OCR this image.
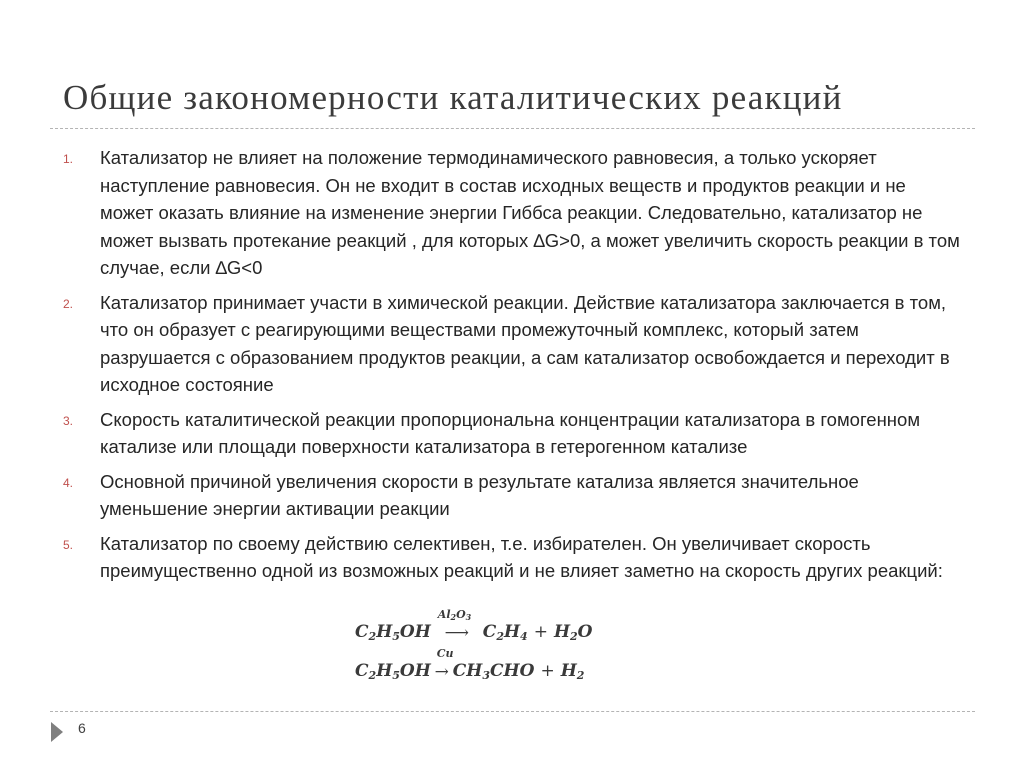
Общие закономерности каталитических реакций
1. Катализатор не влияет на положение термодинамического равновесия, а только ускоряет наступление равновесия. Он не входит в состав исходных веществ и продуктов реакции и не может оказать влияние на изменение энергии Гиббса реакции. Следовательно, катализатор не может вызвать протекание реакций , для которых ∆G>0, а может увеличить скорость реакции в том случае, если ∆G<0
2. Катализатор принимает участи в химической реакции. Действие катализатора заключается в том, что он образует с реагирующими веществами промежуточный комплекс, который затем разрушается с образованием продуктов реакции, а сам катализатор освобождается и переходит в исходное состояние
3. Скорость каталитической реакции пропорциональна концентрации катализатора в гомогенном катализе или площади поверхности катализатора в гетерогенном катализе
4. Основной причиной увеличения скорости в результате катализа является значительное уменьшение энергии активации реакции
5. Катализатор по своему действию селективен, т.е. избирателен. Он увеличивает скорость преимущественно одной из возможных реакций и не влияет заметно на скорость других реакций:
$C_2H_5OH$
$Al_2O_3$
⟶ $C_2H_4 + H_2O$
$C_2H_5OH$
Cu
→ $CH_3CHO + H_2$
6
